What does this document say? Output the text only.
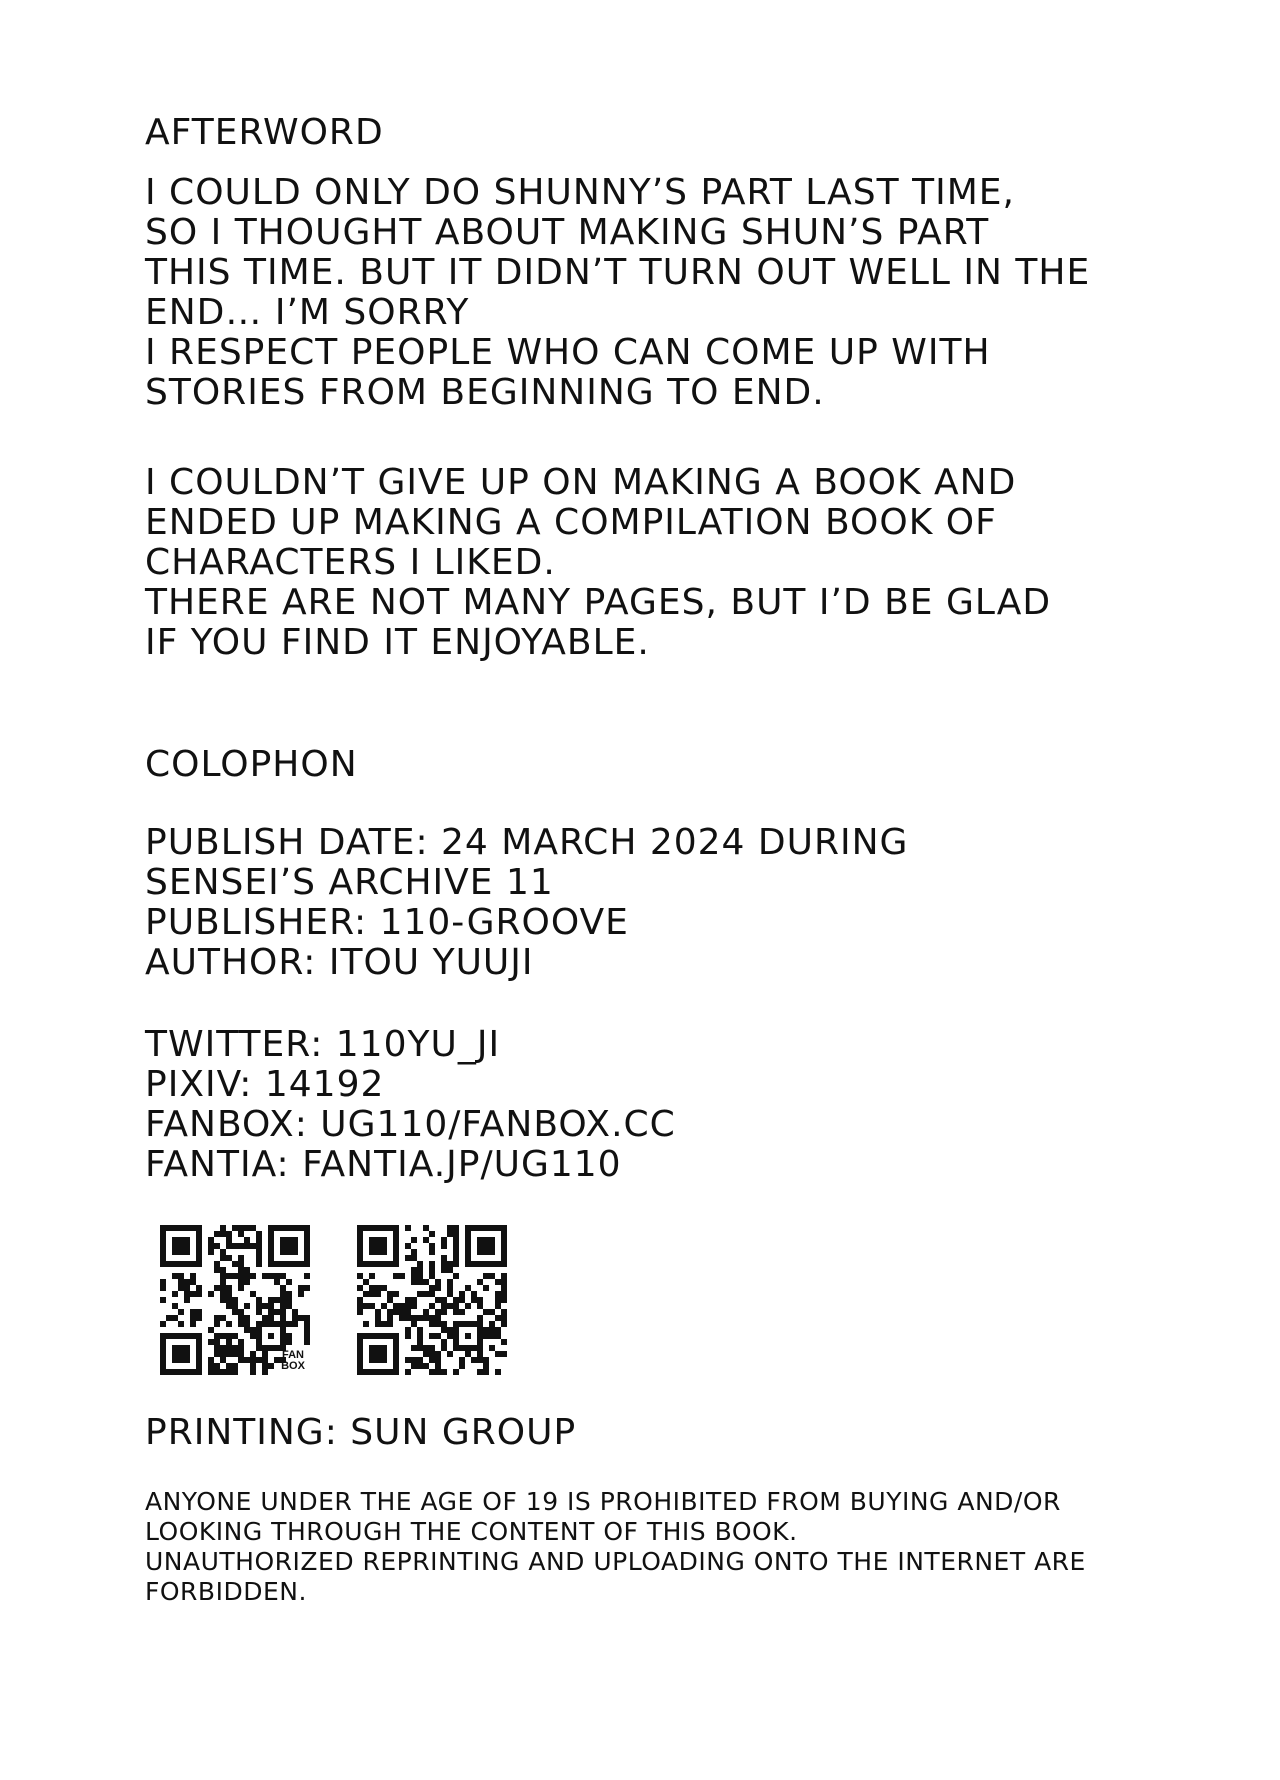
AFTERWORD
I COULD ONLY DO SHUNNY’S PART LAST TIME,
SO I THOUGHT ABOUT MAKING SHUN’S PART
THIS TIME. BUT IT DIDN’T TURN OUT WELL IN THE
END… I’M SORRY
I RESPECT PEOPLE WHO CAN COME UP WITH
STORIES FROM BEGINNING TO END.
I COULDN’T GIVE UP ON MAKING A BOOK AND
ENDED UP MAKING A COMPILATION BOOK OF
CHARACTERS I LIKED.
THERE ARE NOT MANY PAGES, BUT I’D BE GLAD
IF YOU FIND IT ENJOYABLE.
COLOPHON
PUBLISH DATE: 24 MARCH 2024 DURING
SENSEI’S ARCHIVE 11
PUBLISHER: 110-GROOVE
AUTHOR: ITOU YUUJI
TWITTER: 110YU_JI
PIXIV: 14192
FANBOX: UG110/FANBOX.CC
FANTIA: FANTIA.JP/UG110
FAN
BOX
PRINTING: SUN GROUP
ANYONE UNDER THE AGE OF 19 IS PROHIBITED FROM BUYING AND/OR
LOOKING THROUGH THE CONTENT OF THIS BOOK.
UNAUTHORIZED REPRINTING AND UPLOADING ONTO THE INTERNET ARE
FORBIDDEN.
